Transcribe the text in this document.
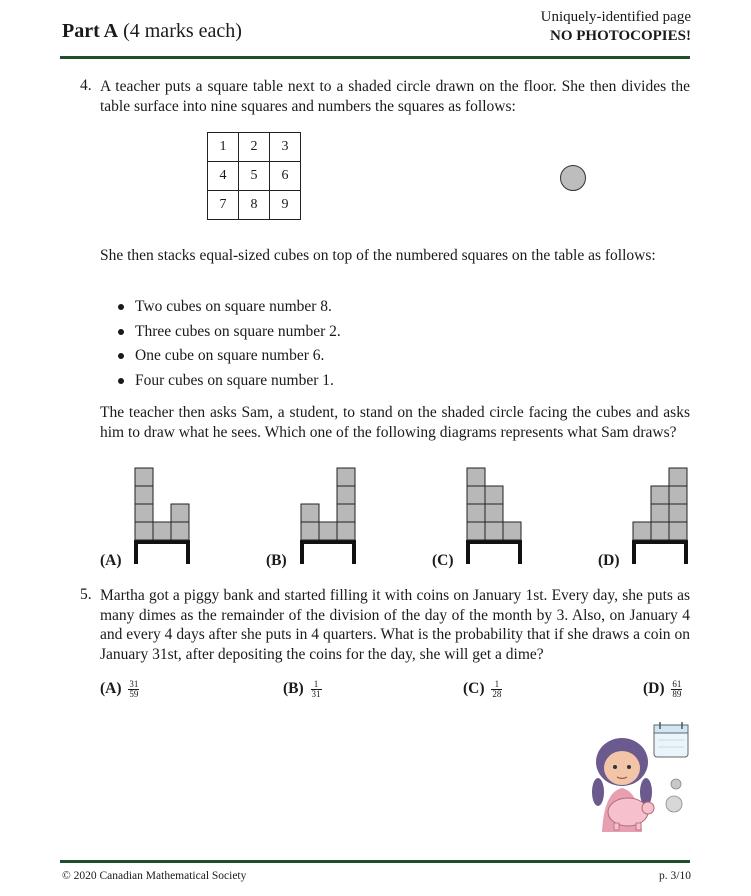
Part A (4 marks each)
Uniquely-identified page
NO PHOTOCOPIES!
4. A teacher puts a square table next to a shaded circle drawn on the floor. She then divides the table surface into nine squares and numbers the squares as follows:
1	2	3
4	5	6
7	8	9
She then stacks equal-sized cubes on top of the numbered squares on the table as follows:
Two cubes on square number 8.
Three cubes on square number 2.
One cube on square number 6.
Four cubes on square number 1.
The teacher then asks Sam, a student, to stand on the shaded circle facing the cubes and asks him to draw what he sees. Which one of the following diagrams represents what Sam draws?
(A)	(B)	(C)	(D)
5. Martha got a piggy bank and started filling it with coins on January 1st. Every day, she puts as many dimes as the remainder of the division of the day of the month by 3. Also, on January 4 and every 4 days after she puts in 4 quarters. What is the probability that if she draws a coin on January 31st, after depositing the coins for the day, she will get a dime?
$(A) \frac{31}{59}$	$(B) \frac{1}{31}$	$(C) \frac{1}{28}$	$(D) \frac{61}{89}$
© 2020 Canadian Mathematical Society	p. 3/10
